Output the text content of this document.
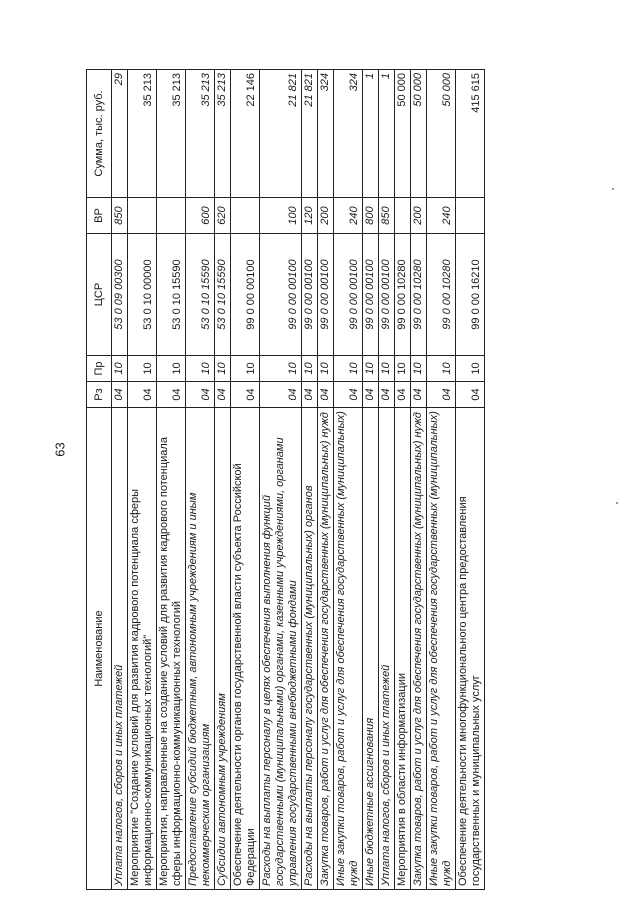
63
Наименование	Рз	Пр	ЦСР	ВР	Сумма, тыс. руб.
Уплата налогов, сборов и иных платежей	04	10	53 0 09 00300	850	29
Мероприятие "Создание условий для развития кадрового потенциала сферы информационно-коммуникационных технологий"	04	10	53 0 10 00000		35 213
Мероприятия, направленные на создание условий для развития кадрового потенциала сферы информационно-коммуникационных технологий	04	10	53 0 10 15590		35 213
Предоставление субсидий бюджетным, автономным учреждениям и иным некоммерческим организациям	04	10	53 0 10 15590	600	35 213
Субсидии автономным учреждениям	04	10	53 0 10 15590	620	35 213
Обеспечение деятельности органов государственной власти субъекта Российской Федерации	04	10	99 0 00 00100		22 146
Расходы на выплаты персоналу в целях обеспечения выполнения функций государственными (муниципальными) органами, казенными учреждениями, органами управления государственными внебюджетными фондами	04	10	99 0 00 00100	100	21 821
Расходы на выплаты персоналу государственных (муниципальных) органов	04	10	99 0 00 00100	120	21 821
Закупка товаров, работ и услуг для обеспечения государственных (муниципальных) нужд	04	10	99 0 00 00100	200	324
Иные закупки товаров, работ и услуг для обеспечения государственных (муниципальных) нужд	04	10	99 0 00 00100	240	324
Иные бюджетные ассигнования	04	10	99 0 00 00100	800	1
Уплата налогов, сборов и иных платежей	04	10	99 0 00 00100	850	1
Мероприятия в области информатизации	04	10	99 0 00 10280		50 000
Закупка товаров, работ и услуг для обеспечения государственных (муниципальных) нужд	04	10	99 0 00 10280	200	50 000
Иные закупки товаров, работ и услуг для обеспечения государственных (муниципальных) нужд	04	10	99 0 00 10280	240	50 000
Обеспечение деятельности многофункционального центра предоставления государственных и муниципальных услуг	04	10	99 0 00 16210		415 615
